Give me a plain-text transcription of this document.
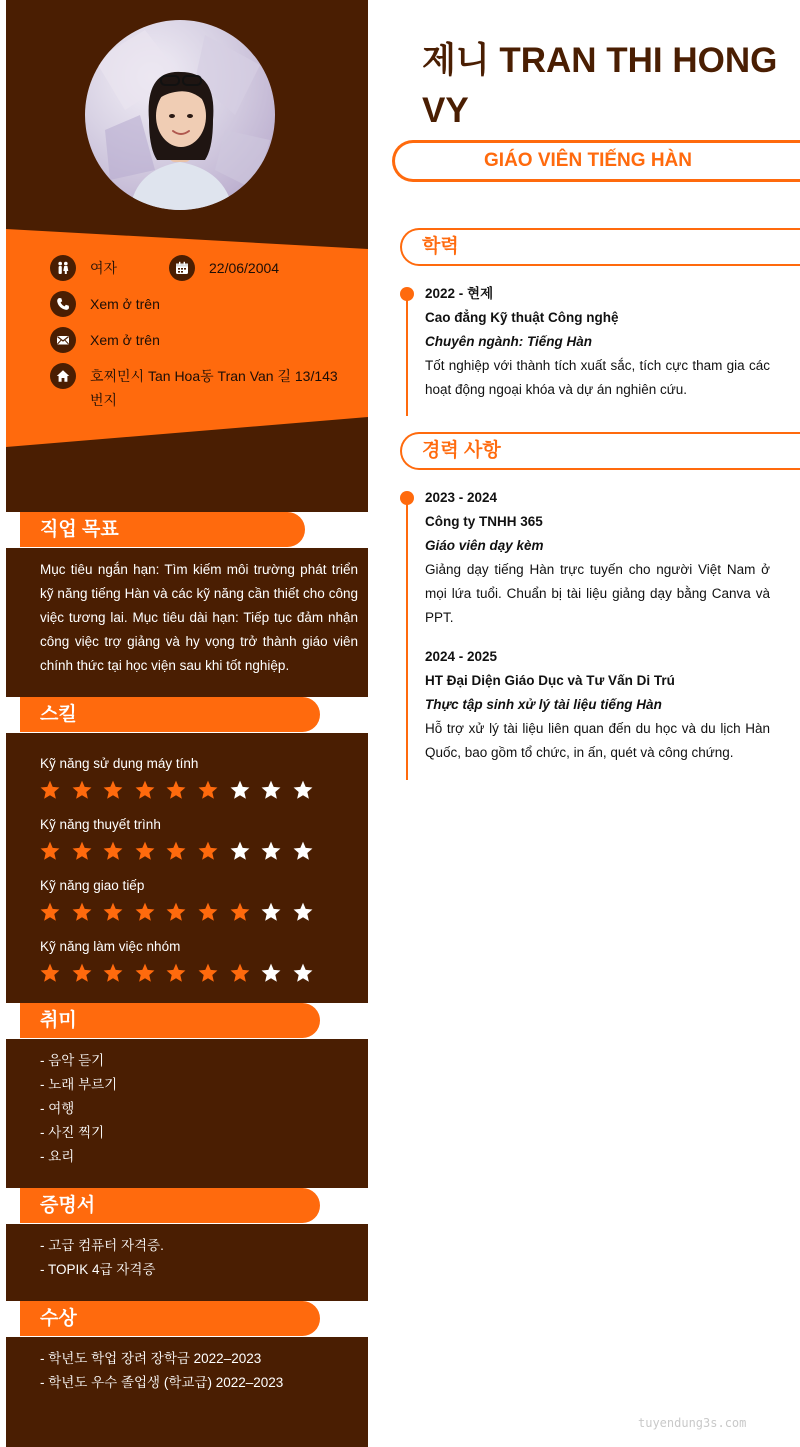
여자	22/06/2004
Xem ở trên
Xem ở trên
호찌민시 Tan Hoa동 Tran Van 길 13/143 번지
직업 목표
Mục tiêu ngắn hạn: Tìm kiếm môi trường phát triển kỹ năng tiếng Hàn và các kỹ năng cần thiết cho công việc tương lai. Mục tiêu dài hạn: Tiếp tục đảm nhận công việc trợ giảng và hy vọng trở thành giáo viên chính thức tại học viện sau khi tốt nghiệp.
스킬
Kỹ năng sử dụng máy tính
Kỹ năng thuyết trình
Kỹ năng giao tiếp
Kỹ năng làm việc nhóm
취미
- 음악 듣기
- 노래 부르기
- 여행
- 사진 찍기
- 요리
증명서
- 고급 컴퓨터 자격증.
- TOPIK 4급 자격증
수상
- 학년도 학업 장려 장학금 2022–2023
- 학년도 우수 졸업생 (학교급) 2022–2023
제니 TRAN THI HONG VY
GIÁO VIÊN TIẾNG HÀN
학력
2022 - 현제
Cao đẳng Kỹ thuật Công nghệ
Chuyên ngành: Tiếng Hàn
Tốt nghiệp với thành tích xuất sắc, tích cực tham gia các hoạt động ngoại khóa và dự án nghiên cứu.
경력 사항
2023 - 2024
Công ty TNHH 365
Giáo viên dạy kèm
Giảng dạy tiếng Hàn trực tuyến cho người Việt Nam ở mọi lứa tuổi. Chuẩn bị tài liệu giảng dạy bằng Canva và PPT.
2024 - 2025
HT Đại Diện Giáo Dục và Tư Vấn Di Trú
Thực tập sinh xử lý tài liệu tiếng Hàn
Hỗ trợ xử lý tài liệu liên quan đến du học và du lịch Hàn Quốc, bao gồm tổ chức, in ấn, quét và công chứng.
tuyendung3s.com
